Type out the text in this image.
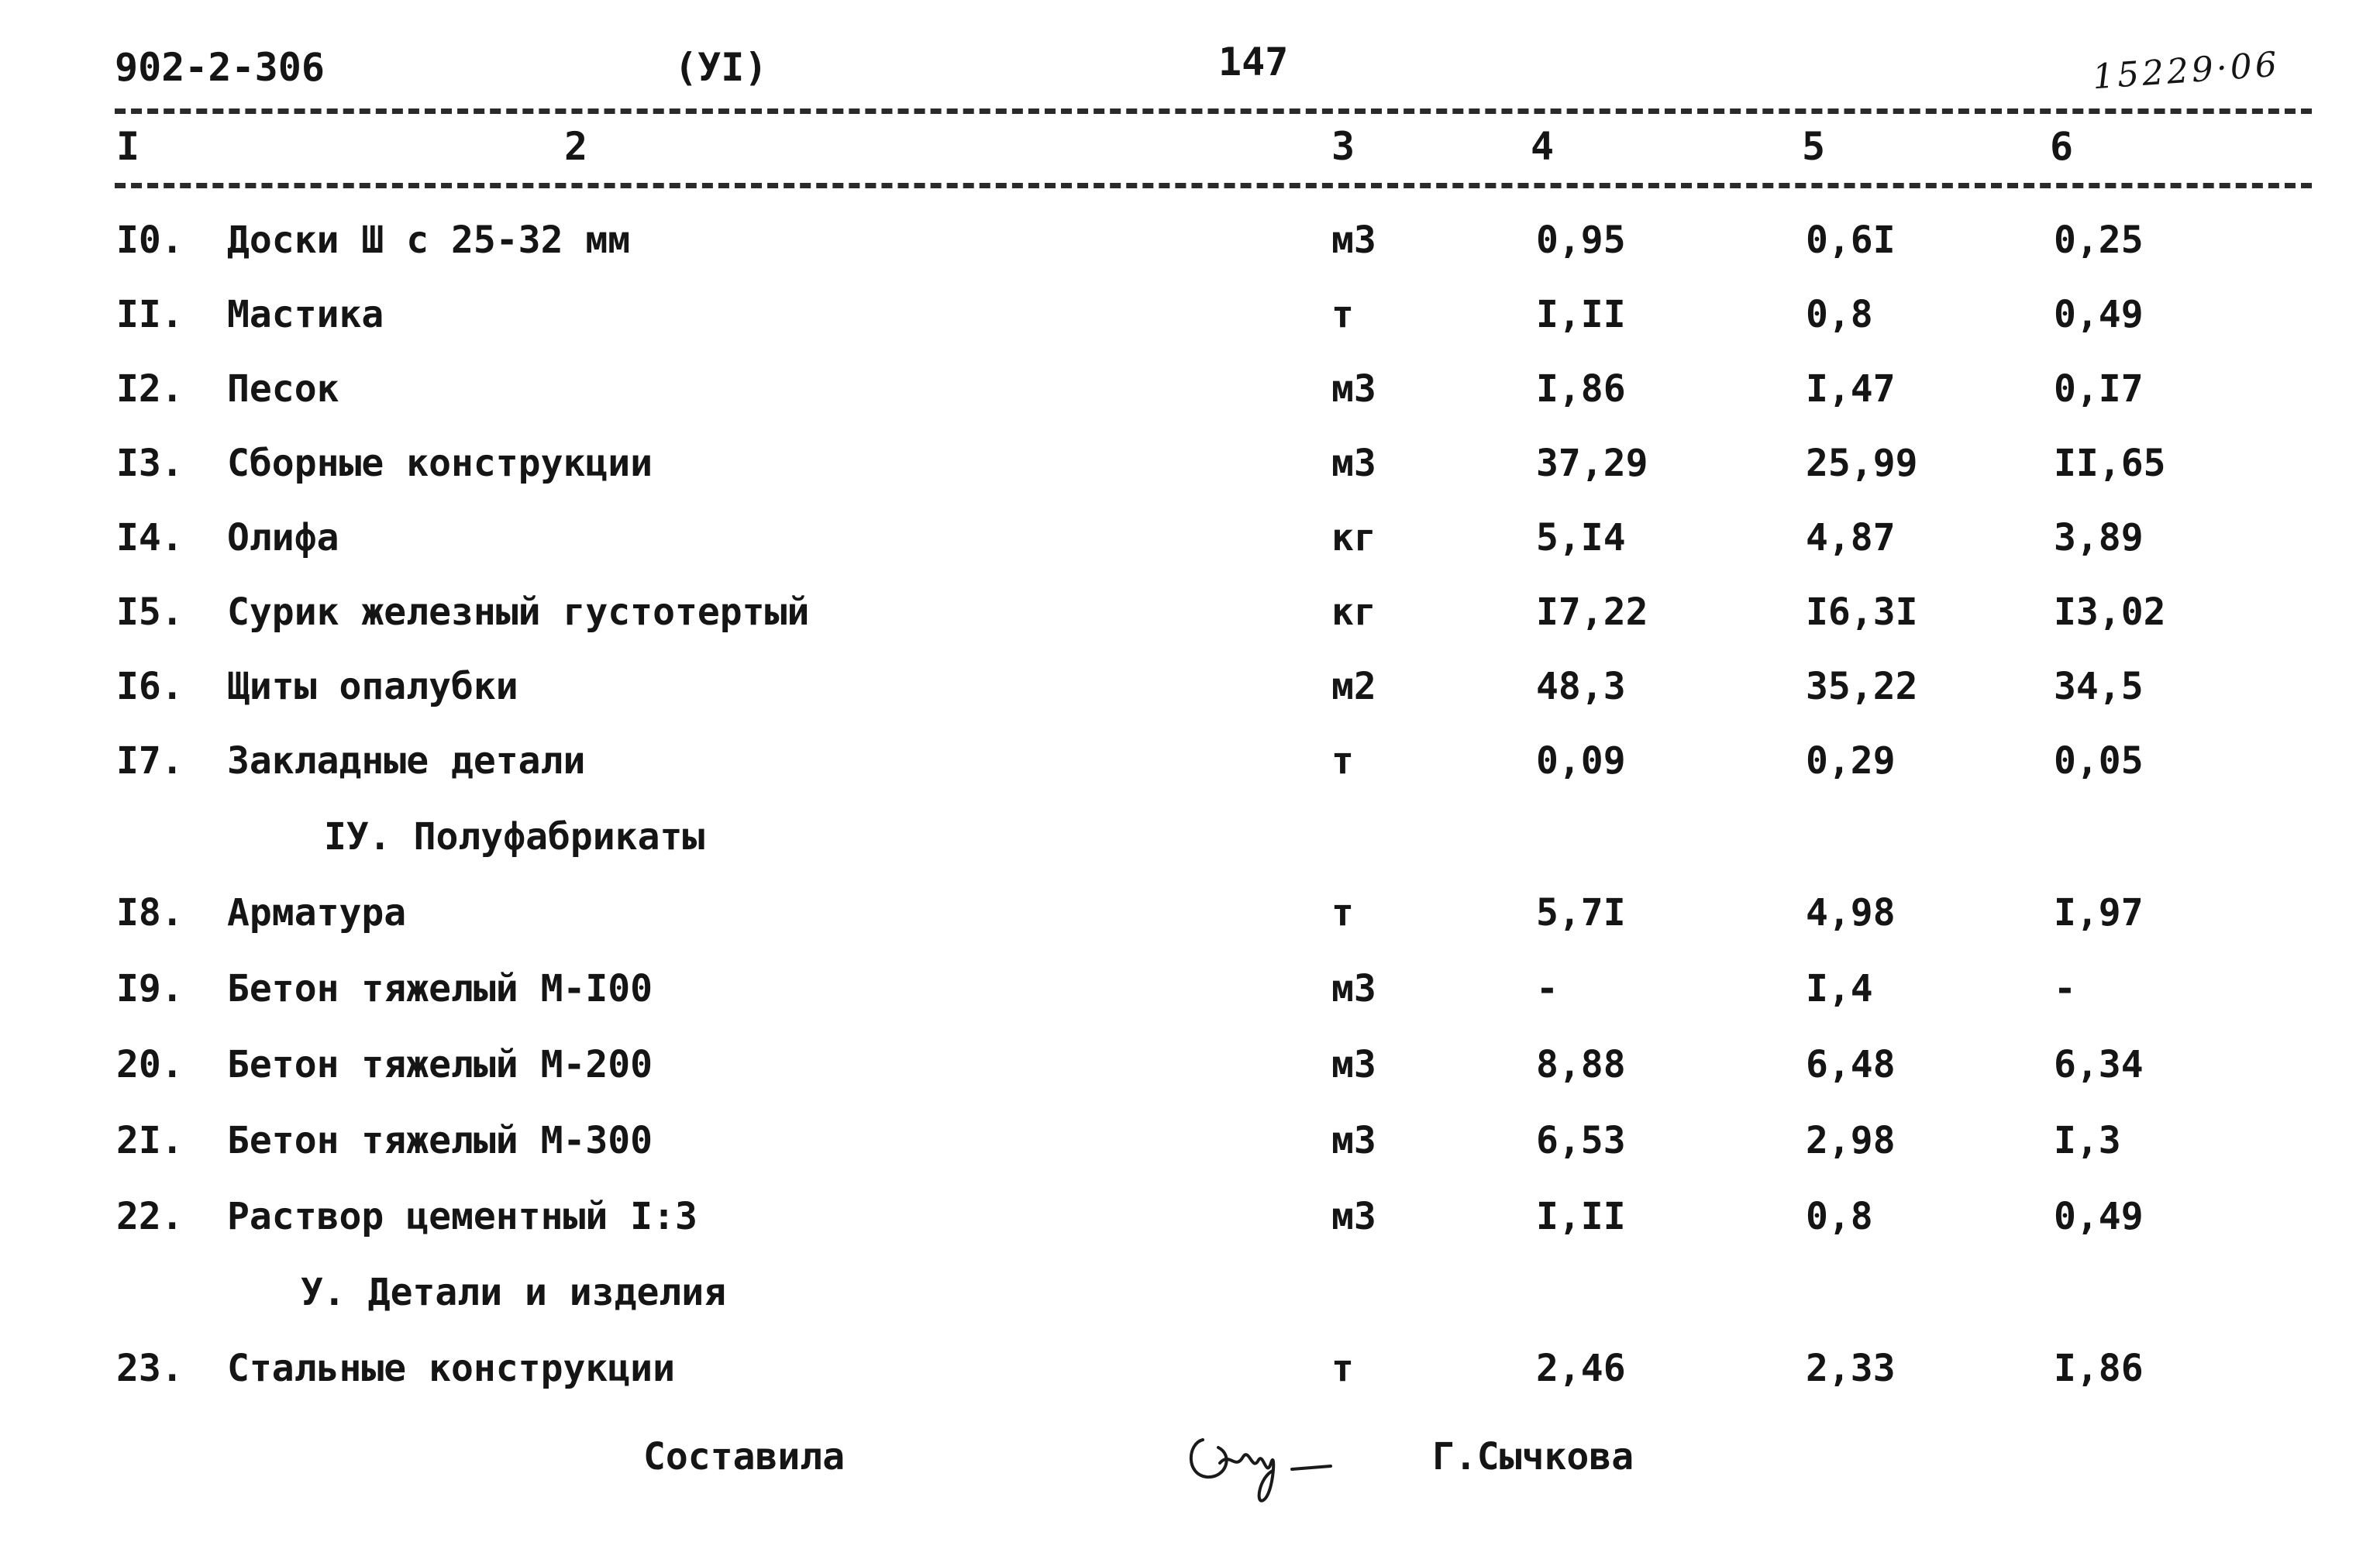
902-2-306	(УI)	147	15229·06
I	2	3	4	5	6
I0. Доски Ш с 25-32 мм	м3	0,95	0,6I	0,25
II. Мастика	т	I,II	0,8	0,49
I2. Песок	м3	I,86	I,47	0,I7
I3. Сборные конструкции	м3	37,29	25,99	II,65
I4. Олифа	кг	5,I4	4,87	3,89
I5. Сурик железный густотертый	кг	I7,22	I6,3I	I3,02
I6. Щиты опалубки	м2	48,3	35,22	34,5
I7. Закладные детали	т	0,09	0,29	0,05
IУ. Полуфабрикаты
I8. Арматура	т	5,7I	4,98	I,97
I9. Бетон тяжелый М-I00	м3	-	I,4	-
20. Бетон тяжелый М-200	м3	8,88	6,48	6,34
2I. Бетон тяжелый М-300	м3	6,53	2,98	I,3
22. Раствор цементный I:3	м3	I,II	0,8	0,49
У. Детали и изделия
23. Стальные конструкции	т	2,46	2,33	I,86
Составила	Г.Сычкова
